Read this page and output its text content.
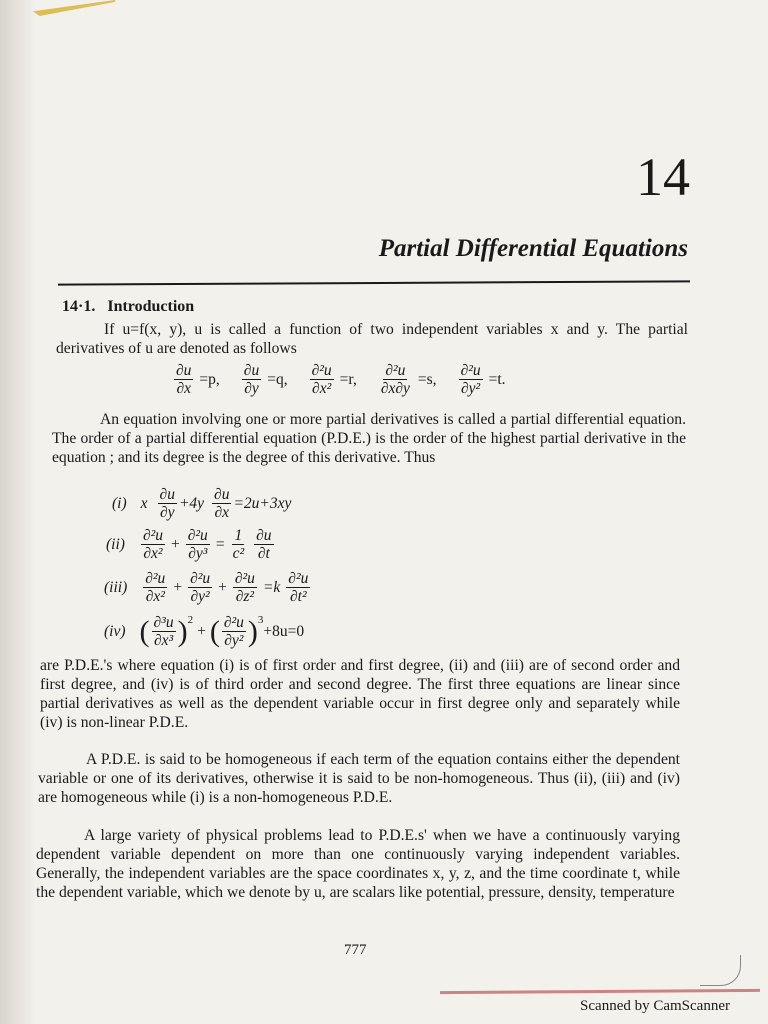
14
Partial Differential Equations
14·1. Introduction

If u=f(x, y), u is called a function of two independent variables x and y. The partial derivatives of u are denoted as follows

$\frac{\partial u}{\partial x} =p$, $\frac{\partial u}{\partial y} =q$, $\frac{\text{∂²u}}{\text{∂x²}} =r$, $\frac{\text{∂²u}}{\partial x\partial y} =s$, $\frac{\text{∂²u}}{\text{∂y²}} =t$.

An equation involving one or more partial derivatives is called a partial differential equation. The order of a partial differential equation (P.D.E.) is the order of the highest partial derivative in the equation ; and its degree is the degree of this derivative. Thus

(i) x $\frac{\partial u}{\partial y} +4y \frac{\partial u}{\partial x} =2u+3xy$
$(ii) \frac{\text{∂²u}}{\text{∂x²}} + \frac{\text{∂²u}}{\text{∂y³}} = \frac{1}{\text{c²}} \frac{\partial u}{\partial t}$
$(iii) \frac{\text{∂²u}}{\text{∂x²}} + \frac{\text{∂²u}}{\text{∂y²}} + \frac{\text{∂²u}}{\text{∂z²}} =k \frac{\text{∂²u}}{\text{∂t²}}$
(iv) ( $\frac{\text{∂³u}}{\text{∂x³}} )^2$
+ ( $\frac{\text{∂²u}}{\text{∂y²}} )^3$
+8u=0

are P.D.E.'s where equation (i) is of first order and first degree, (ii) and (iii) are of second order and first degree, and (iv) is of third order and second degree. The first three equations are linear since partial derivatives as well as the dependent variable occur in first degree only and separately while (iv) is non-linear P.D.E.

A P.D.E. is said to be homogeneous if each term of the equation contains either the dependent variable or one of its derivatives, otherwise it is said to be non-homogeneous. Thus (ii), (iii) and (iv) are homogeneous while (i) is a non-homogeneous P.D.E.

A large variety of physical problems lead to P.D.E.s' when we have a continuously varying dependent variable dependent on more than one continuously varying independent variables. Generally, the independent variables are the space coordinates x, y, z, and the time coordinate t, while the dependent variable, which we denote by u, are scalars like potential, pressure, density, temperature

777
Scanned by CamScanner
